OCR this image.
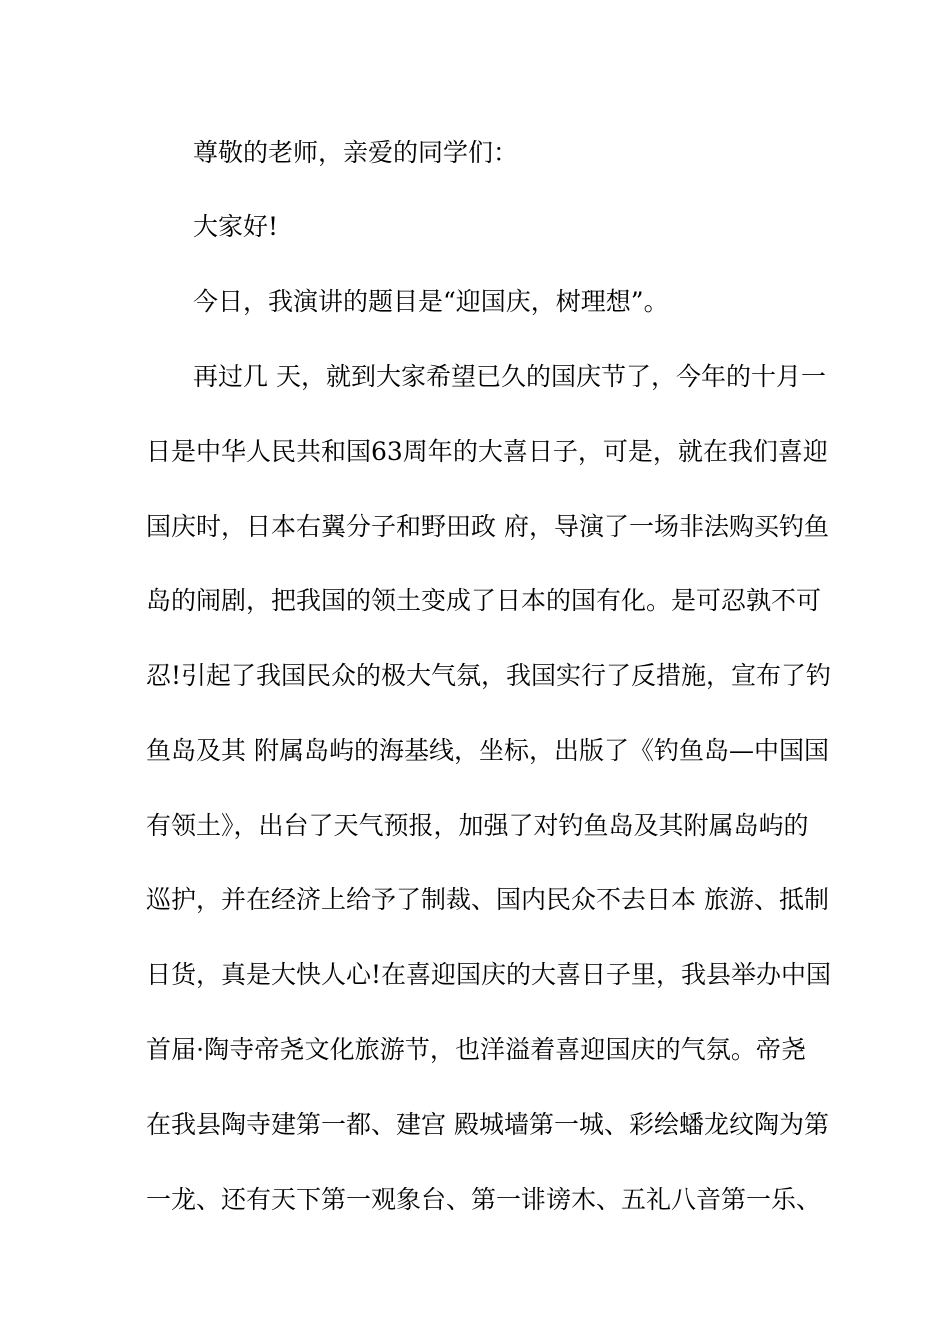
尊敬的老师，亲爱的同学们：
大家好!
今日，我演讲的题目是“迎国庆，树理想”。
再过几 天，就到大家希望已久的国庆节了，今年的十月一
日是中华人民共和国63周年的大喜日子，可是，就在我们喜迎
国庆时，日本右翼分子和野田政 府，导演了一场非法购买钓鱼
岛的闹剧，把我国的领土变成了日本的国有化。是可忍孰不可
忍!引起了我国民众的极大气氛，我国实行了反措施，宣布了钓
鱼岛及其 附属岛屿的海基线，坐标，出版了《钓鱼岛—中国国
有领土》，出台了天气预报，加强了对钓鱼岛及其附属岛屿的
巡护，并在经济上给予了制裁、国内民众不去日本 旅游、抵制
日货，真是大快人心!在喜迎国庆的大喜日子里，我县举办中国
首届·陶寺帝尧文化旅游节，也洋溢着喜迎国庆的气氛。帝尧
在我县陶寺建第一都、建宫 殿城墙第一城、彩绘蟠龙纹陶为第
一龙、还有天下第一观象台、第一诽谤木、五礼八音第一乐、
